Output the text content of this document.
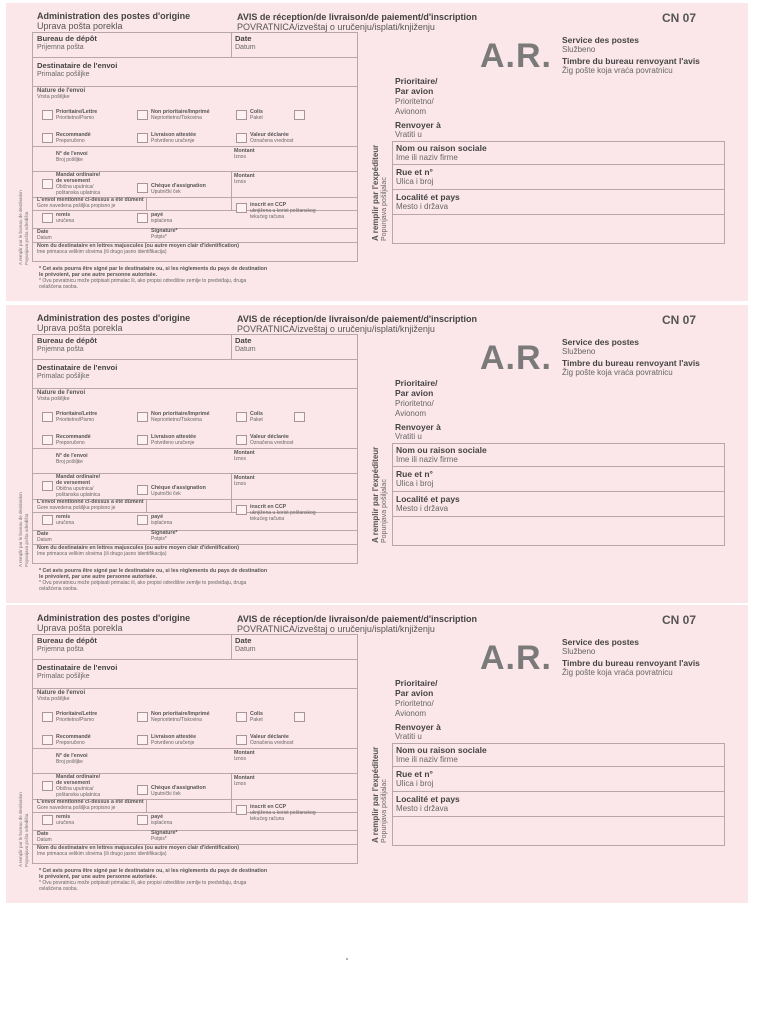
Administration des postes d'origine
Uprava pošta porekla
AVIS de réception/de livraison/de paiement/d'inscription
POVRATNICA/izveštaj o uručenju/isplati/knjiženju
CN 07
Bureau de dépôt
Prijemna pošta
Date
Datum
Destinataire de l'envoi
Primalac pošiljke
Nature de l'envoi
Vrsta pošiljke
Prioritaire/Lettre
Prioritetno/Pismo
Non prioritaire/Imprimé
Neprioritetno/Tiskovina
Colis
Paket
Recommandé
Preporučeno
Livraison attestée
Potvrđeno uručenje
Valeur déclarée
Označena vrednost
N° de l'envoi
Broj pošiljke
Montant
Iznos
Mandat ordinaire/
de versement
Obična uputnica/
poštanska uplatnica
Chèque d'assignation
Uputnički ček
Montant
Iznos
L'envoi mentionné ci-dessus a été dûment
Gore navedena pošiljka propisno je
remis
uručena
payé
isplaćena
inscrit en CCP
uknjižena u korist poštanskog
tekućeg računa
Date
Datum
Signature*
Potpis*
Nom du destinataire en lettres majuscules (ou autre moyen clair d'identification)
Ime primaoca velikim slovima (ili drugo jasno identifikacija)
* Cet avis pourra être signé par le destinataire ou, si les règlements du pays de destination
le prévoient, par une autre personne autorisée.
* Ovu povratnicu može potpisati primalac ili, ako propisi odredišne zemlje to predviđaju, druga
ovlašćena osoba.
A remplir par le bureau de destination Popunjava pošta odredišta
A.R. Service des postes
Službeno
Timbre du bureau renvoyant l'avis
Žig pošte koja vraća povratnicu
Prioritaire/
Par avion
Prioritetno/
Avionom
Renvoyer à
Vratiti u
Nom ou raison sociale
Ime ili naziv firme
Rue et n°
Ulica i broj
Localité et pays
Mesto i država
A remplir par l'expéditeur Popunjava pošiljalac
Administration des postes d'origine
Uprava pošta porekla
AVIS de réception/de livraison/de paiement/d'inscription
POVRATNICA/izveštaj o uručenju/isplati/knjiženju
CN 07
Bureau de dépôt
Prijemna pošta
Date
Datum
Destinataire de l'envoi
Primalac pošiljke
Nature de l'envoi
Vrsta pošiljke
Prioritaire/Lettre
Prioritetno/Pismo
Non prioritaire/Imprimé
Neprioritetno/Tiskovina
Colis
Paket
Recommandé
Preporučeno
Livraison attestée
Potvrđeno uručenje
Valeur déclarée
Označena vrednost
N° de l'envoi
Broj pošiljke
Montant
Iznos
Mandat ordinaire/
de versement
Obična uputnica/
poštanska uplatnica
Chèque d'assignation
Uputnički ček
Montant
Iznos
L'envoi mentionné ci-dessus a été dûment
Gore navedena pošiljka propisno je
remis
uručena
payé
isplaćena
inscrit en CCP
uknjižena u korist poštanskog
tekućeg računa
Date
Datum
Signature*
Potpis*
Nom du destinataire en lettres majuscules (ou autre moyen clair d'identification)
Ime primaoca velikim slovima (ili drugo jasno identifikacija)
* Cet avis pourra être signé par le destinataire ou, si les règlements du pays de destination
le prévoient, par une autre personne autorisée.
* Ovu povratnicu može potpisati primalac ili, ako propisi odredišne zemlje to predviđaju, druga
ovlašćena osoba.
A remplir par le bureau de destination Popunjava pošta odredišta
A.R. Service des postes
Službeno
Timbre du bureau renvoyant l'avis
Žig pošte koja vraća povratnicu
Prioritaire/
Par avion
Prioritetno/
Avionom
Renvoyer à
Vratiti u
Nom ou raison sociale
Ime ili naziv firme
Rue et n°
Ulica i broj
Localité et pays
Mesto i država
A remplir par l'expéditeur Popunjava pošiljalac
Administration des postes d'origine
Uprava pošta porekla
AVIS de réception/de livraison/de paiement/d'inscription
POVRATNICA/izveštaj o uručenju/isplati/knjiženju
CN 07
Bureau de dépôt
Prijemna pošta
Date
Datum
Destinataire de l'envoi
Primalac pošiljke
Nature de l'envoi
Vrsta pošiljke
Prioritaire/Lettre
Prioritetno/Pismo
Non prioritaire/Imprimé
Neprioritetno/Tiskovina
Colis
Paket
Recommandé
Preporučeno
Livraison attestée
Potvrđeno uručenje
Valeur déclarée
Označena vrednost
N° de l'envoi
Broj pošiljke
Montant
Iznos
Mandat ordinaire/
de versement
Obična uputnica/
poštanska uplatnica
Chèque d'assignation
Uputnički ček
Montant
Iznos
L'envoi mentionné ci-dessus a été dûment
Gore navedena pošiljka propisno je
remis
uručena
payé
isplaćena
inscrit en CCP
uknjižena u korist poštanskog
tekućeg računa
Date
Datum
Signature*
Potpis*
Nom du destinataire en lettres majuscules (ou autre moyen clair d'identification)
Ime primaoca velikim slovima (ili drugo jasno identifikacija)
* Cet avis pourra être signé par le destinataire ou, si les règlements du pays de destination
le prévoient, par une autre personne autorisée.
* Ovu povratnicu može potpisati primalac ili, ako propisi odredišne zemlje to predviđaju, druga
ovlašćena osoba.
A remplir par le bureau de destination Popunjava pošta odredišta
A.R. Service des postes
Službeno
Timbre du bureau renvoyant l'avis
Žig pošte koja vraća povratnicu
Prioritaire/
Par avion
Prioritetno/
Avionom
Renvoyer à
Vratiti u
Nom ou raison sociale
Ime ili naziv firme
Rue et n°
Ulica i broj
Localité et pays
Mesto i država
A remplir par l'expéditeur Popunjava pošiljalac
